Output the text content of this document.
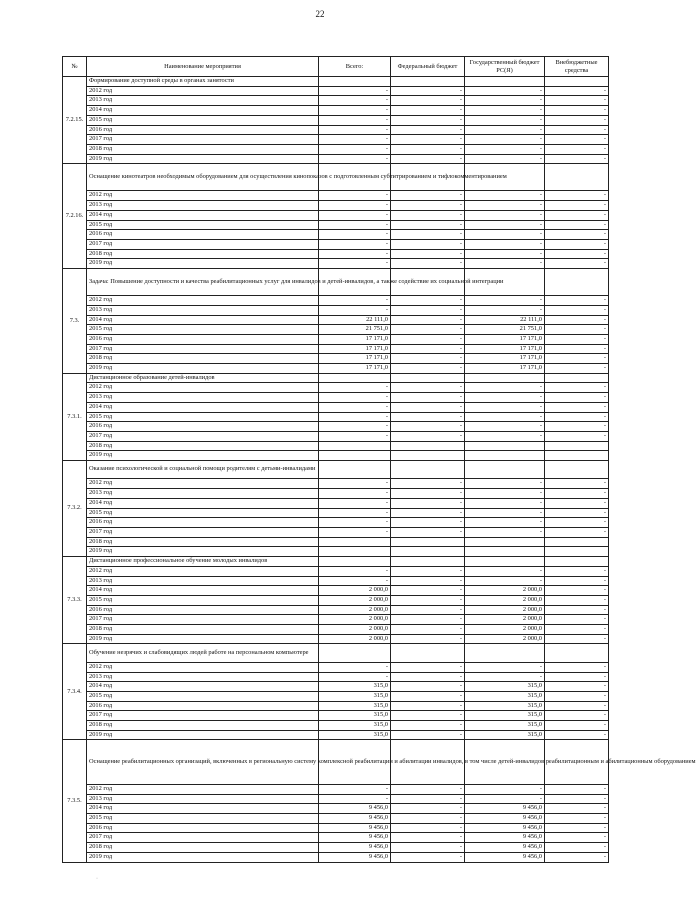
22
№	Наименование мероприятия	Всего:	Федеральный бюджет	Государственный бюджет РС(Я)	Внебюджетные средства
7.2.15.	Формирование доступной среды в органах занятости				
	2012 год	-	-	-	-
	2013 год	-	-	-	-
	2014 год	-	-	-	-
	2015 год	-	-	-	-
	2016 год	-	-	-	-
	2017 год	-	-	-	-
	2018 год	-	-	-	-
	2019 год	-	-	-	-
7.2.16.	Оснащение кинотеатров необходимым оборудованием для осуществления кинопоказов с подготовленным субтитрированием и тифлокомментированием				
	2012 год	-	-	-	-
	2013 год	-	-	-	-
	2014 год	-	-	-	-
	2015 год	-	-	-	-
	2016 год	-	-	-	-
	2017 год	-	-	-	-
	2018 год	-	-	-	-
	2019 год	-	-	-	-
7.3.	Задача: Повышение доступности и качества реабилитационных услуг для инвалидов и детей-инвалидов, а также содействие их социальной интеграции				
	2012 год	-	-	-	-
	2013 год	-	-	-	-
	2014 год	22 111,0	-	22 111,0	-
	2015 год	21 751,0	-	21 751,0	-
	2016 год	17 171,0	-	17 171,0	-
	2017 год	17 171,0	-	17 171,0	-
	2018 год	17 171,0	-	17 171,0	-
	2019 год	17 171,0	-	17 171,0	-
7.3.1.	Дистанционное образование детей-инвалидов				
	2012 год	-	-	-	-
	2013 год	-	-	-	-
	2014 год	-	-	-	-
	2015 год	-	-	-	-
	2016 год	-	-	-	-
	2017 год	-	-	-	-
	2018 год				
	2019 год				
7.3.2.	Оказание психологической и социальной помощи родителям с детьми-инвалидами				
	2012 год	-	-	-	-
	2013 год	-	-	-	-
	2014 год	-	-	-	-
	2015 год	-	-	-	-
	2016 год	-	-	-	-
	2017 год	-	-	-	-
	2018 год				
	2019 год				
7.3.3.	Дистанционное профессиональное обучение молодых инвалидов				
	2012 год	-	-	-	-
	2013 год	-	-	-	-
	2014 год	2 000,0	-	2 000,0	-
	2015 год	2 000,0	-	2 000,0	-
	2016 год	2 000,0	-	2 000,0	-
	2017 год	2 000,0	-	2 000,0	-
	2018 год	2 000,0	-	2 000,0	-
	2019 год	2 000,0	-	2 000,0	-
7.3.4.	Обучение незрячих и слабовидящих людей работе на персональном компьютере				
	2012 год	-	-	-	-
	2013 год	-	-	-	-
	2014 год	315,0	-	315,0	-
	2015 год	315,0	-	315,0	-
	2016 год	315,0	-	315,0	-
	2017 год	315,0	-	315,0	-
	2018 год	315,0	-	315,0	-
	2019 год	315,0	-	315,0	-
7.3.5.	Оснащение реабилитационных организаций, включенных в региональную систему комплексной реабилитации и абилитации инвалидов, в том числе детей-инвалидов реабилитационным и абилитационным оборудованием				
	2012 год	-	-	-	-
	2013 год	-	-	-	-
	2014 год	9 456,0	-	9 456,0	-
	2015 год	9 456,0	-	9 456,0	-
	2016 год	9 456,0	-	9 456,0	-
	2017 год	9 456,0	-	9 456,0	-
	2018 год	9 456,0	-	9 456,0	-
	2019 год	9 456,0	-	9 456,0	-
·
